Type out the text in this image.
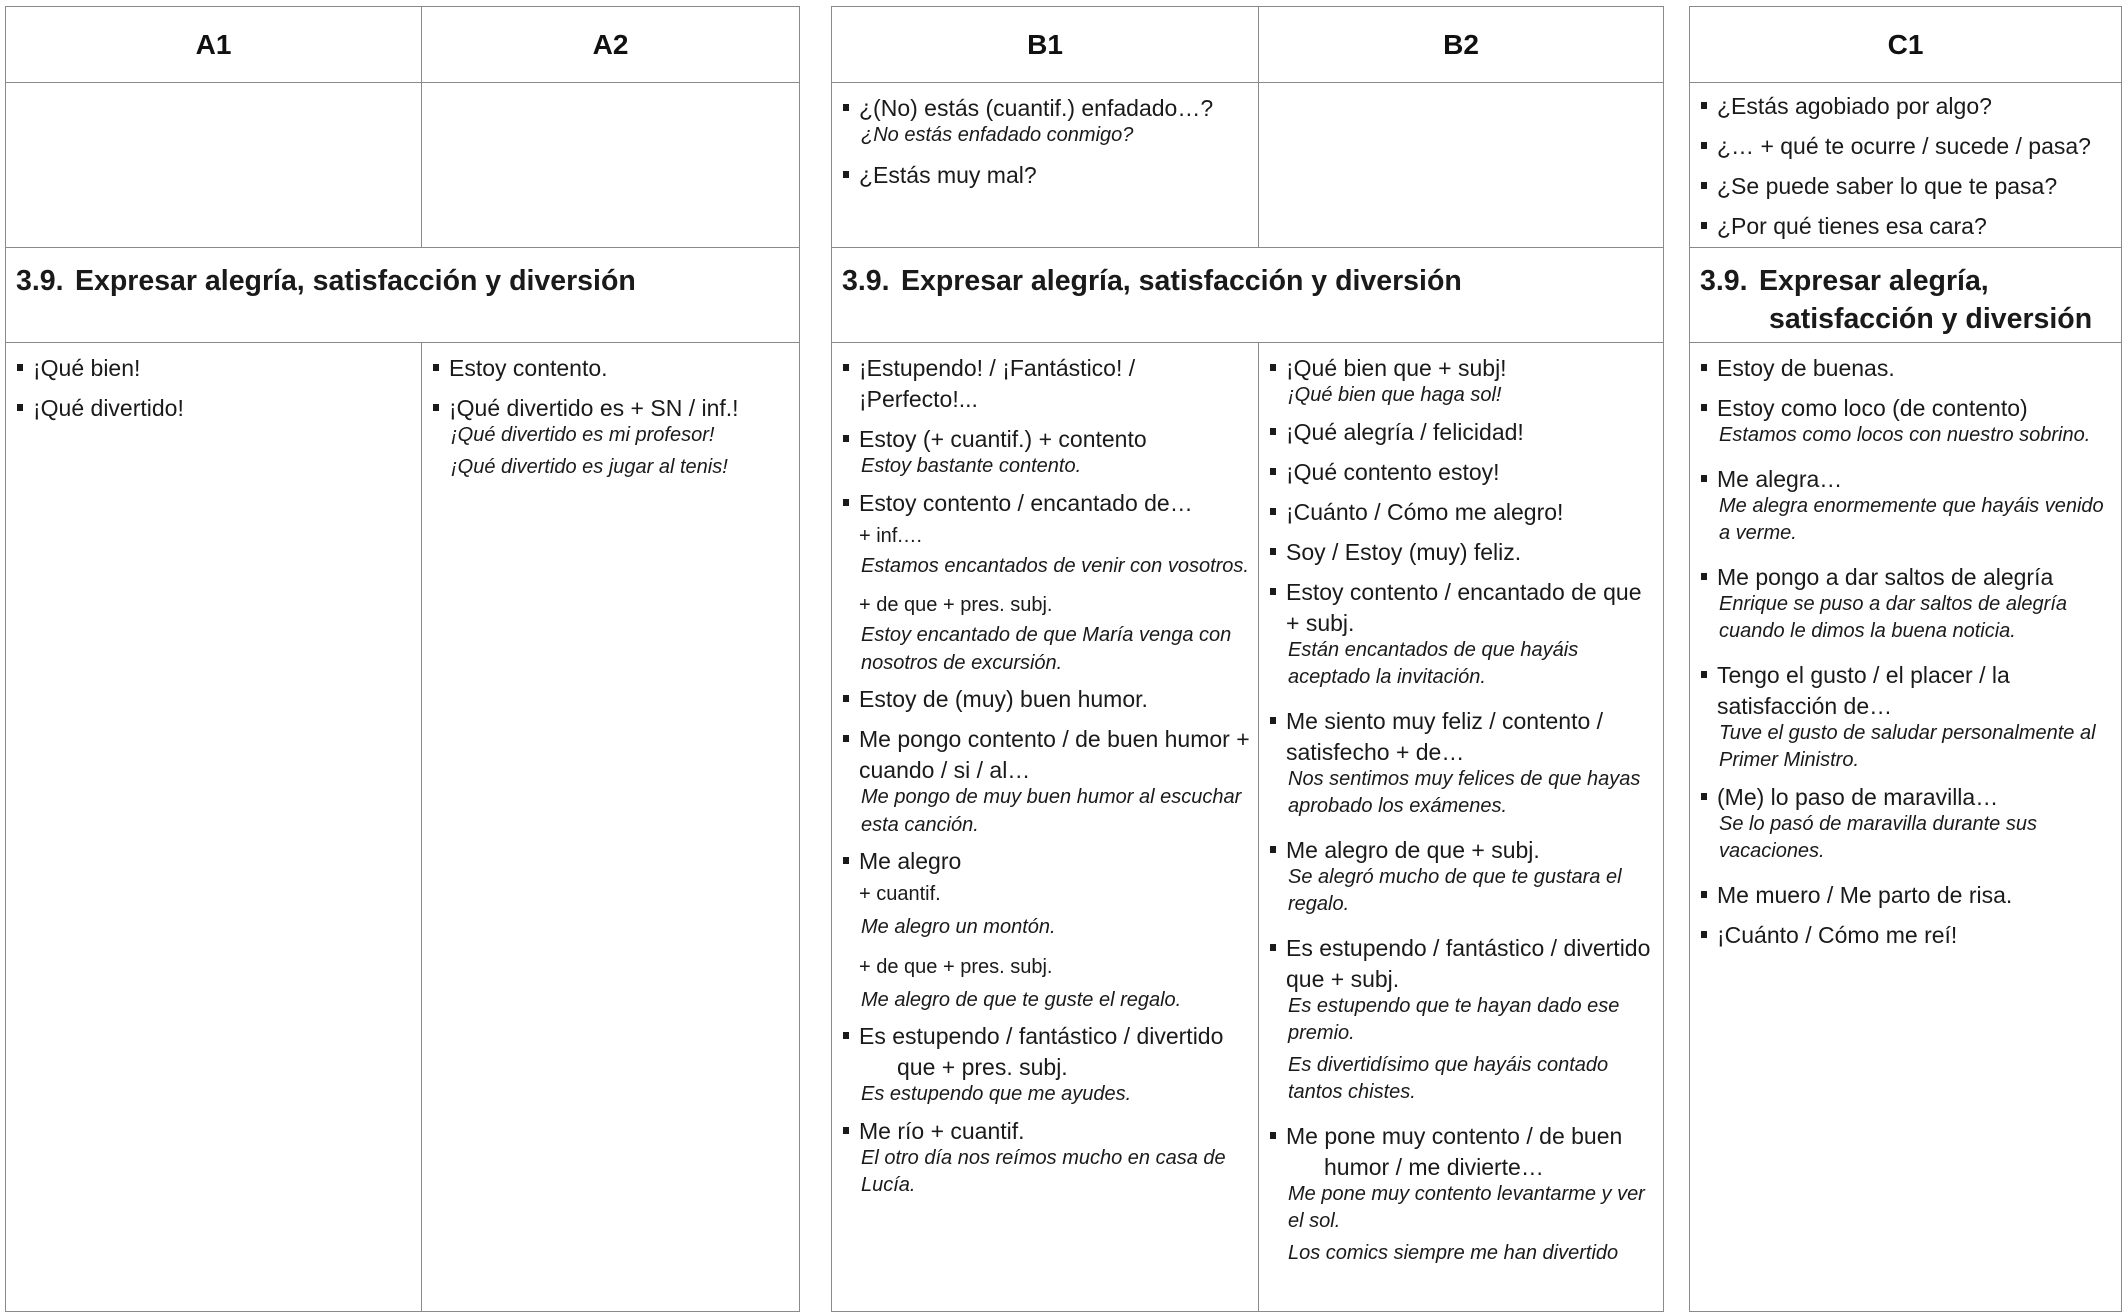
A1	A2
3.9. Expresar alegría, satisfacción y diversión
¡Qué bien!
¡Qué divertido!
Estoy contento.
¡Qué divertido es + SN / inf.!
¡Qué divertido es mi profesor!
¡Qué divertido es jugar al tenis!
B1	B2
¿(No) estás (cuantif.) enfadado…?
¿No estás enfadado conmigo?
¿Estás muy mal?
3.9. Expresar alegría, satisfacción y diversión
¡Estupendo! / ¡Fantástico! / ¡Perfecto!...
Estoy (+ cuantif.) + contento
Estoy bastante contento.
Estoy contento / encantado de…
+ inf.…
Estamos encantados de venir con vosotros.
+ de que + pres. subj.
Estoy encantado de que María venga con nosotros de excursión.
Estoy de (muy) buen humor.
Me pongo contento / de buen humor + cuando / si / al…
Me pongo de muy buen humor al escuchar esta canción.
Me alegro
+ cuantif.
Me alegro un montón.
+ de que + pres. subj.
Me alegro de que te guste el regalo.
Es estupendo / fantástico / divertido
que + pres. subj.
Es estupendo que me ayudes.
Me río + cuantif.
El otro día nos reímos mucho en casa de Lucía.
¡Qué bien que + subj!
¡Qué bien que haga sol!
¡Qué alegría / felicidad!
¡Qué contento estoy!
¡Cuánto / Cómo me alegro!
Soy / Estoy (muy) feliz.
Estoy contento / encantado de que + subj.
Están encantados de que hayáis aceptado la invitación.
Me siento muy feliz / contento / satisfecho + de…
Nos sentimos muy felices de que hayas aprobado los exámenes.
Me alegro de que + subj.
Se alegró mucho de que te gustara el regalo.
Es estupendo / fantástico / divertido que + subj.
Es estupendo que te hayan dado ese premio.
Es divertidísimo que hayáis contado tantos chistes.
Me pone muy contento / de buen
humor / me divierte…
Me pone muy contento levantarme y ver el sol.
Los comics siempre me han divertido
C1
¿Estás agobiado por algo?
¿… + qué te ocurre / sucede / pasa?
¿Se puede saber lo que te pasa?
¿Por qué tienes esa cara?
3.9. Expresar alegría,
satisfacción y diversión
Estoy de buenas.
Estoy como loco (de contento)
Estamos como locos con nuestro sobrino.
Me alegra…
Me alegra enormemente que hayáis venido a verme.
Me pongo a dar saltos de alegría
Enrique se puso a dar saltos de alegría cuando le dimos la buena noticia.
Tengo el gusto / el placer / la satisfacción de…
Tuve el gusto de saludar personalmente al Primer Ministro.
(Me) lo paso de maravilla…
Se lo pasó de maravilla durante sus vacaciones.
Me muero / Me parto de risa.
¡Cuánto / Cómo me reí!
